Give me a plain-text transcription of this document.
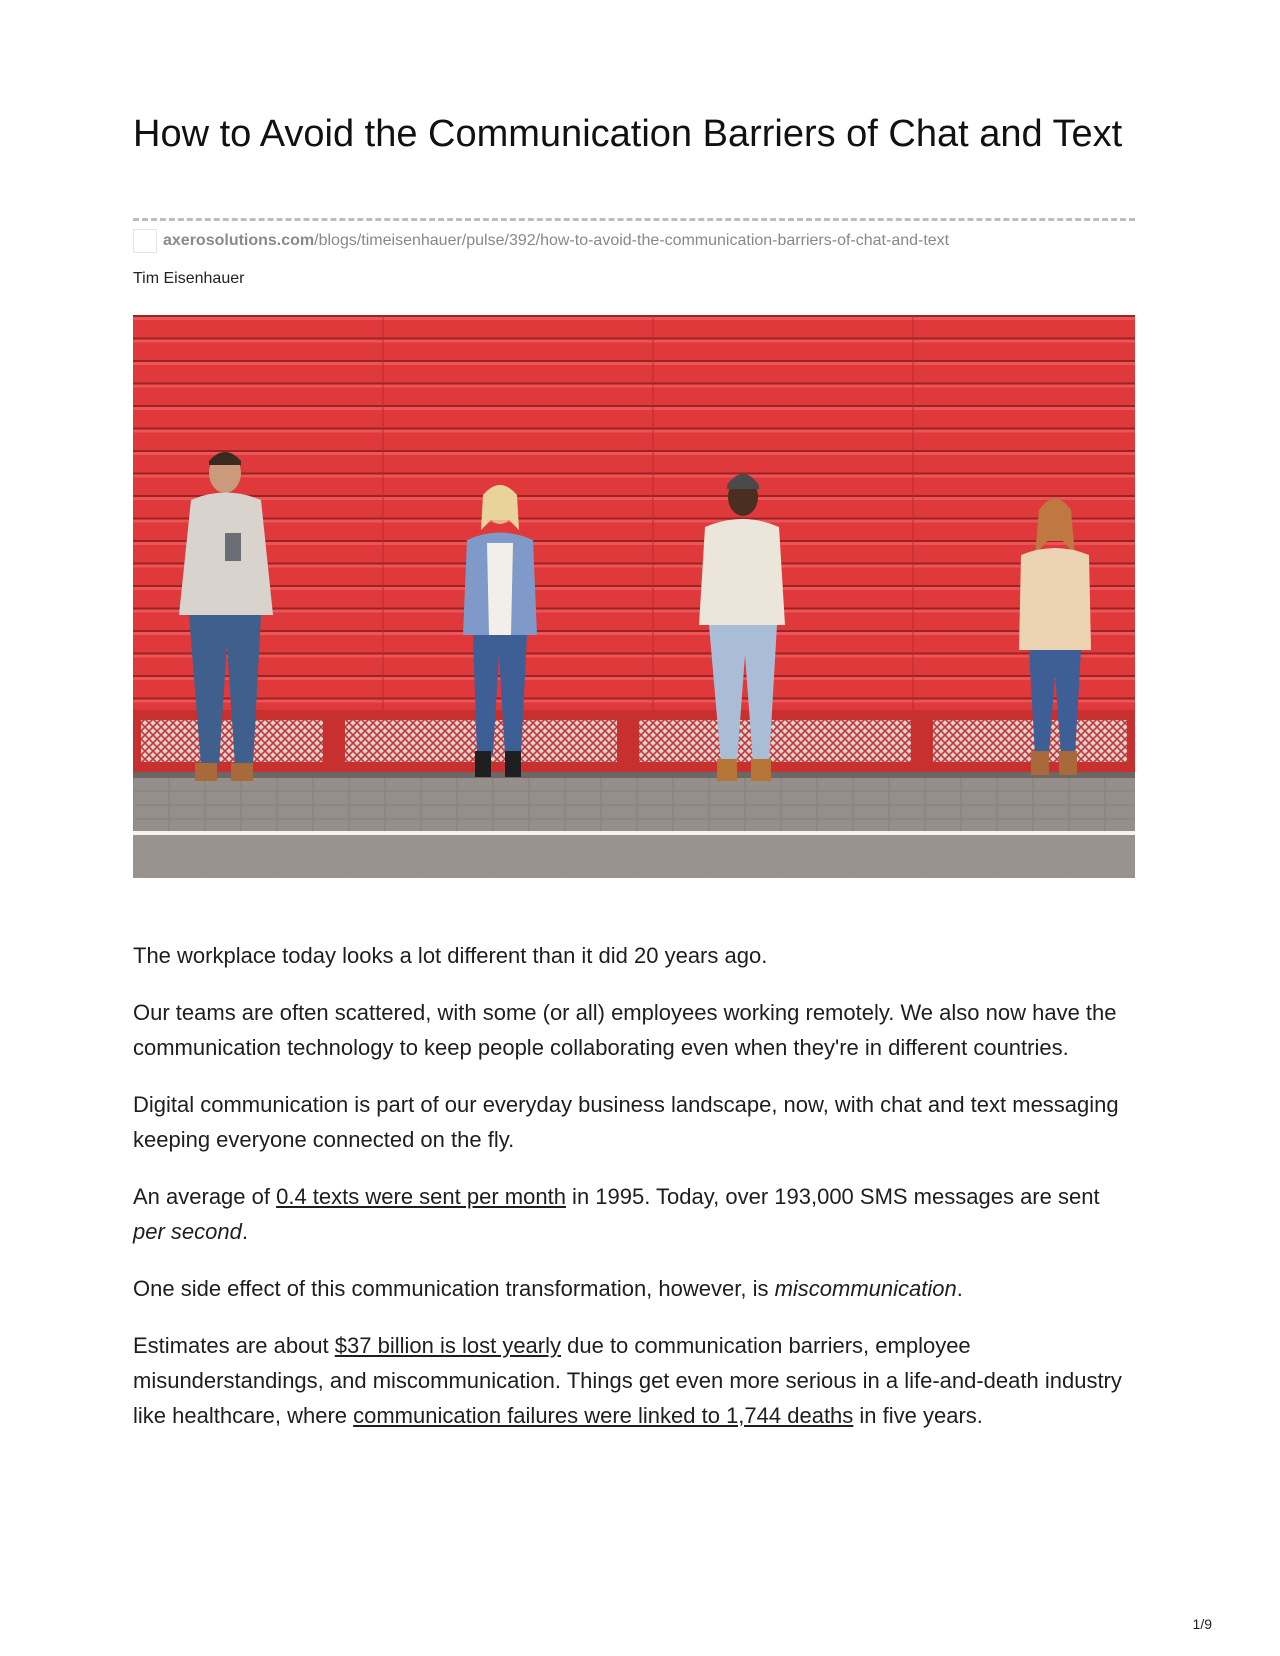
How to Avoid the Communication Barriers of Chat and Text
axerosolutions.com /blogs/timeisenhauer/pulse/392/how-to-avoid-the-communication-barriers-of-chat-and-text
Tim Eisenhauer

The workplace today looks a lot different than it did 20 years ago.

Our teams are often scattered, with some (or all) employees working remotely. We also now have the communication technology to keep people collaborating even when they're in different countries.

Digital communication is part of our everyday business landscape, now, with chat and text messaging keeping everyone connected on the fly.

An average of 0.4 texts were sent per month in 1995. Today, over 193,000 SMS messages are sent per second.

One side effect of this communication transformation, however, is miscommunication.

Estimates are about $37 billion is lost yearly due to communication barriers, employee misunderstandings, and miscommunication. Things get even more serious in a life-and-death industry like healthcare, where communication failures were linked to 1,744 deaths in five years.

1/9
